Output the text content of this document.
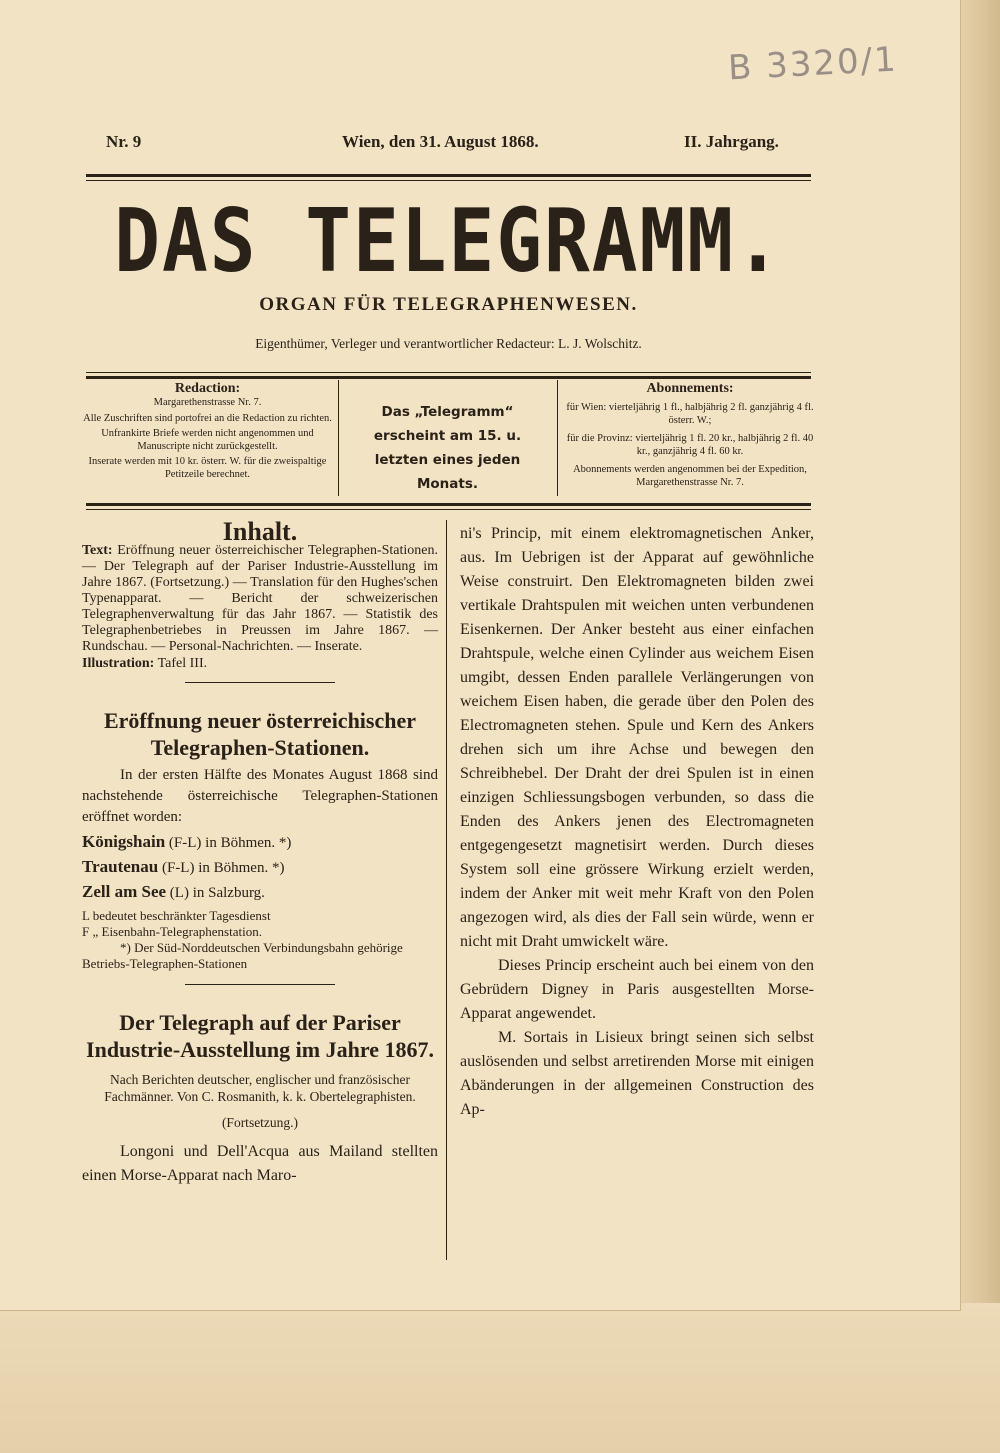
B 3320/1
Nr. 9	Wien, den 31. August 1868.	II. Jahrgang.
DAS TELEGRAMM.
ORGAN FÜR TELEGRAPHENWESEN.
Eigenthümer, Verleger und verantwortlicher Redacteur: L. J. Wolschitz.
Redaction:
Margarethenstrasse Nr. 7.
Alle Zuschriften sind portofrei an die Redaction zu richten.
Unfrankirte Briefe werden nicht angenommen und Manuscripte nicht zurückgestellt.
Inserate werden mit 10 kr. österr. W. für die zweispaltige Petitzeile berechnet.
Das „Telegramm“ erscheint am 15. u. letzten eines jeden Monats.
Abonnements:
für Wien: vierteljährig 1 fl., halbjährig 2 fl. ganzjährig 4 fl. österr. W.;
für die Provinz: vierteljährig 1 fl. 20 kr., halbjährig 2 fl. 40 kr., ganzjährig 4 fl. 60 kr.
Abonnements werden angenommen bei der Expedition, Margarethenstrasse Nr. 7.
Inhalt.
Text: Eröffnung neuer österreichischer Telegraphen-Stationen. — Der Telegraph auf der Pariser Industrie-Ausstellung im Jahre 1867. (Fortsetzung.) — Translation für den Hughes'schen Typenapparat. — Bericht der schweizerischen Telegraphenverwaltung für das Jahr 1867. — Statistik des Telegraphenbetriebes in Preussen im Jahre 1867. — Rundschau. — Personal-Nachrichten. — Inserate.
Illustration: Tafel III.
Eröffnung neuer österreichischer Telegraphen-Stationen.
In der ersten Hälfte des Monates August 1868 sind nachstehende österreichische Telegraphen-Stationen eröffnet worden:
Königshain (F-L) in Böhmen. *)
Trautenau (F-L) in Böhmen. *)
Zell am See (L) in Salzburg.
L bedeutet beschränkter Tagesdienst
F „ Eisenbahn-Telegraphenstation.
*) Der Süd-Norddeutschen Verbindungsbahn gehörige Betriebs-Telegraphen-Stationen
Der Telegraph auf der Pariser Industrie-Ausstellung im Jahre 1867.
Nach Berichten deutscher, englischer und französischer Fachmänner. Von C. Rosmanith, k. k. Obertelegraphisten.
(Fortsetzung.)
Longoni und Dell'Acqua aus Mailand stellten einen Morse-Apparat nach Maro-

ni's Princip, mit einem elektromagnetischen Anker, aus. Im Uebrigen ist der Apparat auf gewöhnliche Weise construirt. Den Elektromagneten bilden zwei vertikale Drahtspulen mit weichen unten verbundenen Eisenkernen. Der Anker besteht aus einer einfachen Drahtspule, welche einen Cylinder aus weichem Eisen umgibt, dessen Enden parallele Verlängerungen von weichem Eisen haben, die gerade über den Polen des Electromagneten stehen. Spule und Kern des Ankers drehen sich um ihre Achse und bewegen den Schreibhebel. Der Draht der drei Spulen ist in einen einzigen Schliessungsbogen verbunden, so dass die Enden des Ankers jenen des Electromagneten entgegengesetzt magnetisirt werden. Durch dieses System soll eine grössere Wirkung erzielt werden, indem der Anker mit weit mehr Kraft von den Polen angezogen wird, als dies der Fall sein würde, wenn er nicht mit Draht umwickelt wäre.

Dieses Princip erscheint auch bei einem von den Gebrüdern Digney in Paris ausgestellten Morse-Apparat angewendet.

M. Sortais in Lisieux bringt seinen sich selbst auslösenden und selbst arretirenden Morse mit einigen Abänderungen in der allgemeinen Construction des Ap-
